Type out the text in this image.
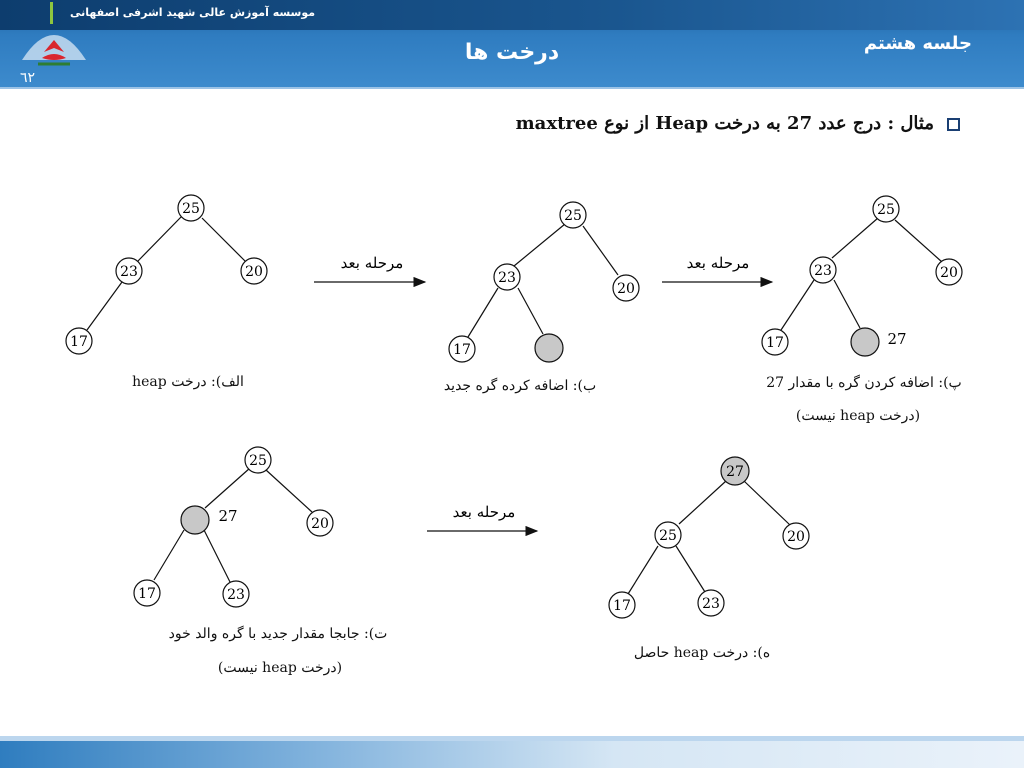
٦٢
موسسه آموزش عالی شهید اشرفی اصفهانی
جلسه هشتم
درخت ها
مثال : درج عدد 27 به درخت Heap از نوع maxtree
مرحله بعد	مرحله بعد
مرحله بعد
25
23	20
17
25
23
20
17
25
23	20
17	27
25
27	20
17	23
27
25	20
17	23
الف): درخت heap	ب): اضافه کرده گره جدید	پ): اضافه کردن گره با مقدار 27
(درخت heap نیست)
ت): جابجا مقدار جدید با گره والد خود
(درخت heap نیست)
ه): درخت heap حاصل
